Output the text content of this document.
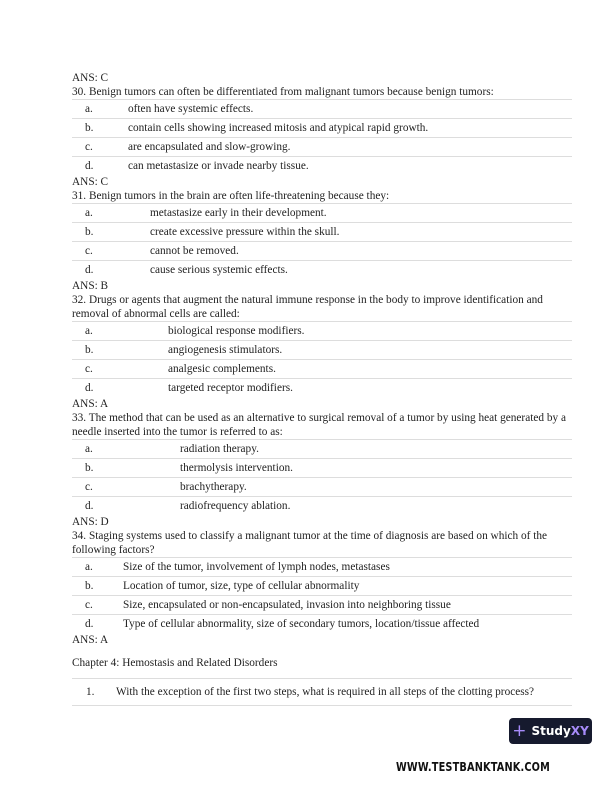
ANS: C
30. Benign tumors can often be differentiated from malignant tumors because benign tumors:
a.	often have systemic effects.
b.	contain cells showing increased mitosis and atypical rapid growth.
c.	are encapsulated and slow-growing.
d.	can metastasize or invade nearby tissue.
ANS: C
31. Benign tumors in the brain are often life-threatening because they:
a.	metastasize early in their development.
b.	create excessive pressure within the skull.
c.	cannot be removed.
d.	cause serious systemic effects.
ANS: B
32. Drugs or agents that augment the natural immune response in the body to improve identification and removal of abnormal cells are called:
a.	biological response modifiers.
b.	angiogenesis stimulators.
c.	analgesic complements.
d.	targeted receptor modifiers.
ANS: A
33. The method that can be used as an alternative to surgical removal of a tumor by using heat generated by a needle inserted into the tumor is referred to as:
a.	radiation therapy.
b.	thermolysis intervention.
c.	brachytherapy.
d.	radiofrequency ablation.
ANS: D
34. Staging systems used to classify a malignant tumor at the time of diagnosis are based on which of the following factors?
a.	Size of the tumor, involvement of lymph nodes, metastases
b.	Location of tumor, size, type of cellular abnormality
c.	Size, encapsulated or non-encapsulated, invasion into neighboring tissue
d.	Type of cellular abnormality, size of secondary tumors, location/tissue affected
ANS: A
Chapter 4: Hemostasis and Related Disorders
1.	With the exception of the first two steps, what is required in all steps of the clotting process?
+ Study XY
WWW.TESTBANKTANK.COM
